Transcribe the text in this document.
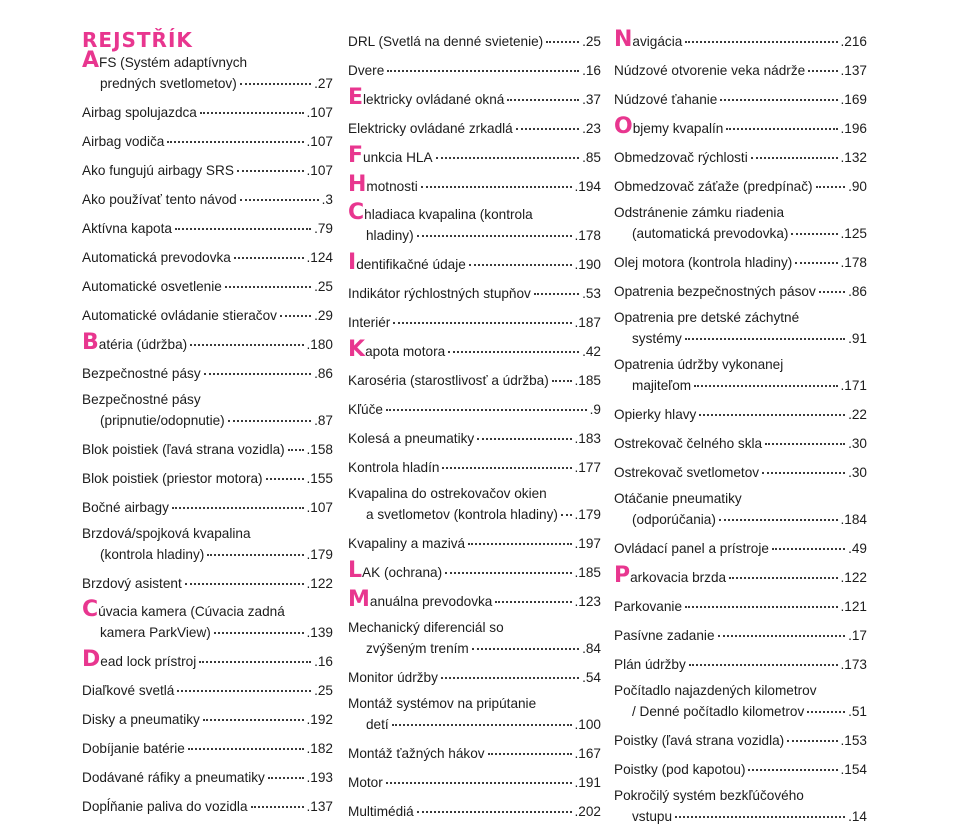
REJSTŘÍK
A FS (Systém adaptívnych
predných svetlometov)	.27
Airbag spolujazdca	.107
Airbag vodiča	.107
Ako fungujú airbagy SRS	.107
Ako používať tento návod	.3
Aktívna kapota	.79
Automatická prevodovka	.124
Automatické osvetlenie	.25
Automatické ovládanie stieračov	.29
B atéria (údržba)	.180
Bezpečnostné pásy	.86
Bezpečnostné pásy
(pripnutie/odopnutie)	.87
Blok poistiek (ľavá strana vozidla) .158
Blok poistiek (priestor motora)	.155
Bočné airbagy	.107
Brzdová/spojková kvapalina
(kontrola hladiny)	.179
Brzdový asistent	.122
C úvacia kamera (Cúvacia zadná
kamera ParkView)	.139
D ead lock prístroj	.16
Diaľkové svetlá	.25
Disky a pneumatiky	.192
Dobíjanie batérie	.182
Dodávané ráfiky a pneumatiky	.193
Dopĺňanie paliva do vozidla	.137
DRL (Svetlá na denné svietenie)	.25
Dvere	.16
E lektricky ovládané okná	.37
Elektricky ovládané zrkadlá	.23
F unkcia HLA	.85
H motnosti	.194
C hladiaca kvapalina (kontrola
hladiny)	.178
I dentifikačné údaje	.190
Indikátor rýchlostných stupňov	.53
Interiér	.187
K apota motora	.42
Karoséria (starostlivosť a údržba) .185
Kľúče	.9
Kolesá a pneumatiky	.183
Kontrola hladín	.177
Kvapalina do ostrekovačov okien
a svetlometov (kontrola hladiny) .179
Kvapaliny a mazivá	.197
L AK (ochrana)	.185
M anuálna prevodovka	.123
Mechanický diferenciál so
zvýšeným trením	.84
Monitor údržby	.54
Montáž systémov na pripútanie
detí	.100
Montáž ťažných hákov	.167
Motor	.191
Multimédiá	.202
N avigácia	.216
Núdzové otvorenie veka nádrže	.137
Núdzové ťahanie	.169
O bjemy kvapalín	.196
Obmedzovač rýchlosti	.132
Obmedzovač záťaže (predpínač)	.90
Odstránenie zámku riadenia
(automatická prevodovka)	.125
Olej motora (kontrola hladiny)	.178
Opatrenia bezpečnostných pásov .86
Opatrenia pre detské záchytné
systémy	.91
Opatrenia údržby vykonanej
majiteľom	.171
Opierky hlavy	.22
Ostrekovač čelného skla	.30
Ostrekovač svetlometov	.30
Otáčanie pneumatiky
(odporúčania)	.184
Ovládací panel a prístroje	.49
P arkovacia brzda	.122
Parkovanie	.121
Pasívne zadanie	.17
Plán údržby	.173
Počítadlo najazdených kilometrov
/ Denné počítadlo kilometrov	.51
Poistky (ľavá strana vozidla)	.153
Poistky (pod kapotou)	.154
Pokročilý systém bezkľúčového
vstupu	.14
